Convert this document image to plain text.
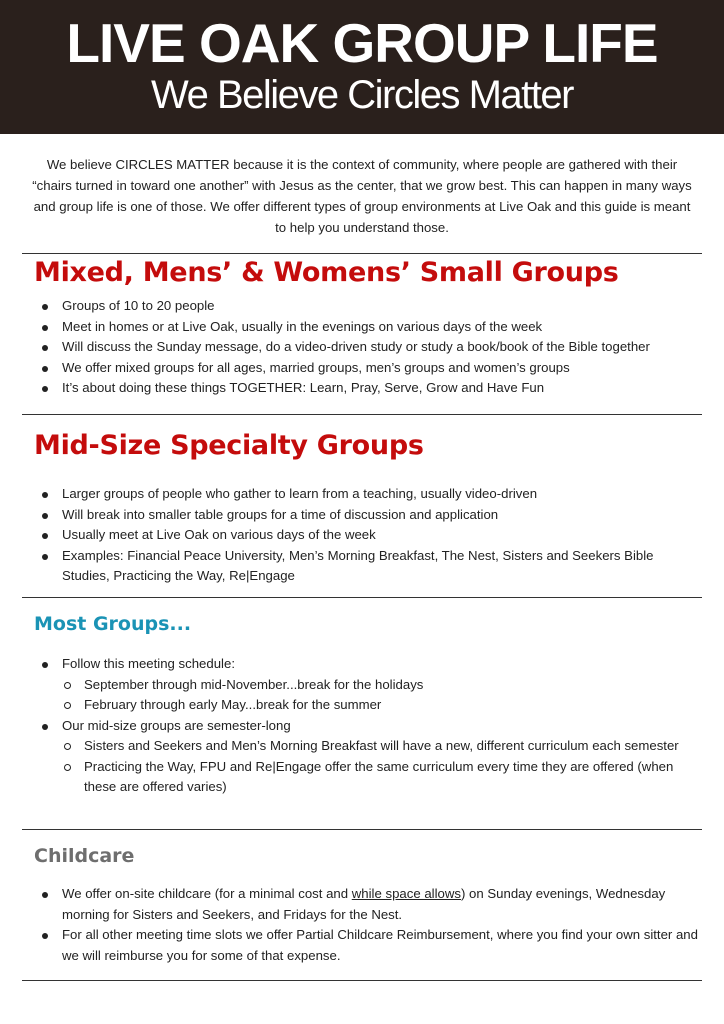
LIVE OAK GROUP LIFE
We Believe Circles Matter
We believe CIRCLES MATTER because it is the context of community, where people are gathered with their “chairs turned in toward one another” with Jesus as the center, that we grow best. This can happen in many ways and group life is one of those. We offer different types of group environments at Live Oak and this guide is meant to help you understand those.
Mixed, Mens’ & Womens’ Small Groups
Groups of 10 to 20 people
Meet in homes or at Live Oak, usually in the evenings on various days of the week
Will discuss the Sunday message, do a video-driven study or study a book/book of the Bible together
We offer mixed groups for all ages, married groups, men’s groups and women’s groups
It’s about doing these things TOGETHER: Learn, Pray, Serve, Grow and Have Fun
Mid-Size Specialty Groups
Larger groups of people who gather to learn from a teaching, usually video-driven
Will break into smaller table groups for a time of discussion and application
Usually meet at Live Oak on various days of the week
Examples: Financial Peace University, Men’s Morning Breakfast, The Nest, Sisters and Seekers Bible Studies, Practicing the Way, Re|Engage
Most Groups...
Follow this meeting schedule:
September through mid-November...break for the holidays
February through early May...break for the summer
Our mid-size groups are semester-long
Sisters and Seekers and Men’s Morning Breakfast will have a new, different curriculum each semester
Practicing the Way, FPU and Re|Engage offer the same curriculum every time they are offered (when these are offered varies)
Childcare
We offer on-site childcare (for a minimal cost and while space allows) on Sunday evenings, Wednesday morning for Sisters and Seekers, and Fridays for the Nest.
For all other meeting time slots we offer Partial Childcare Reimbursement, where you find your own sitter and we will reimburse you for some of that expense.
